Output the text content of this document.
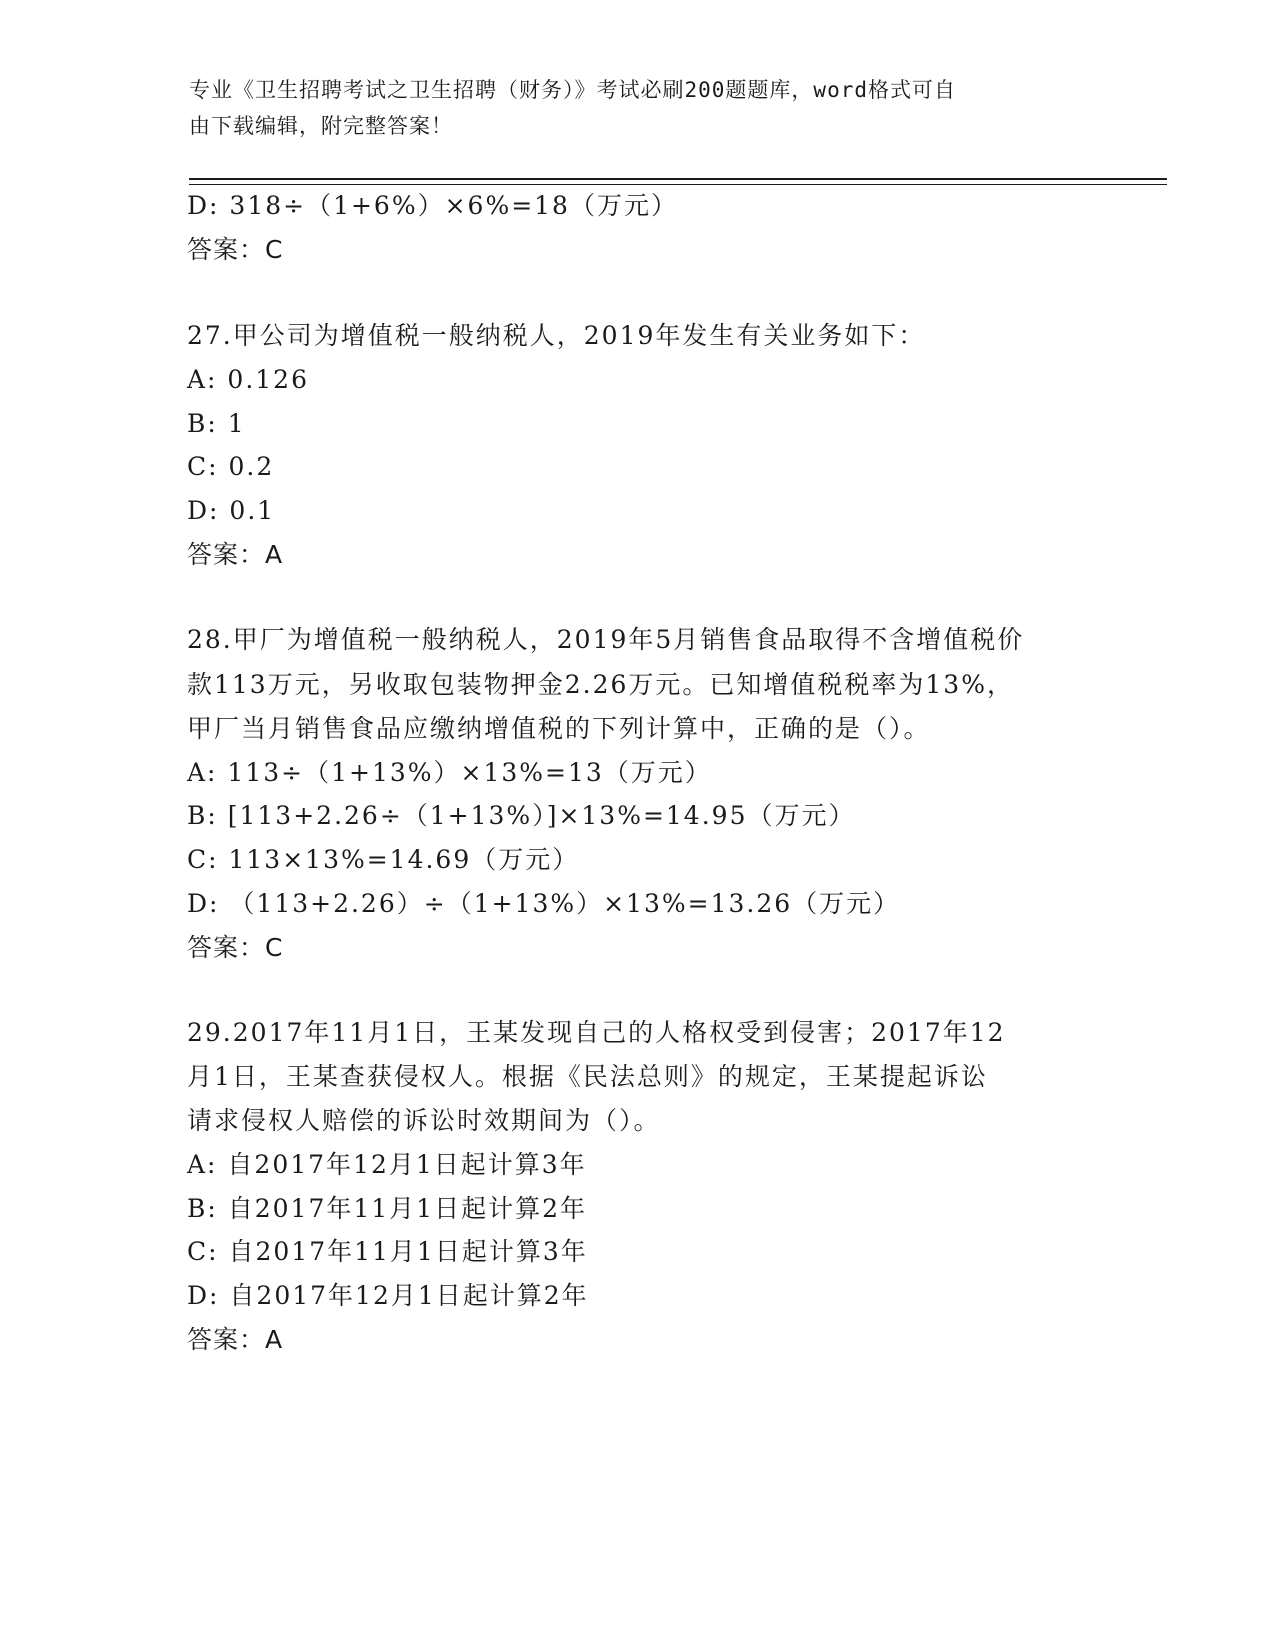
专业《卫生招聘考试之卫生招聘（财务）》考试必刷200题题库，word格式可自
由下载编辑，附完整答案！
D: 318÷（1+6%）×6%=18（万元）
答案：C
27.甲公司为增值税一般纳税人，2019年发生有关业务如下：
A: 0.126
B: 1
C: 0.2
D: 0.1
答案：A
28.甲厂为增值税一般纳税人，2019年5月销售食品取得不含增值税价
款113万元，另收取包装物押金2.26万元。已知增值税税率为13%，
甲厂当月销售食品应缴纳增值税的下列计算中，正确的是（）。
A: 113÷（1+13%）×13%=13（万元）
B: [113+2.26÷（1+13%）]×13%=14.95（万元）
C: 113×13%=14.69（万元）
D: （113+2.26）÷（1+13%）×13%=13.26（万元）
答案：C
29.2017年11月1日，王某发现自己的人格权受到侵害；2017年12
月1日，王某查获侵权人。根据《民法总则》的规定，王某提起诉讼
请求侵权人赔偿的诉讼时效期间为（）。
A: 自2017年12月1日起计算3年
B: 自2017年11月1日起计算2年
C: 自2017年11月1日起计算3年
D: 自2017年12月1日起计算2年
答案：A
